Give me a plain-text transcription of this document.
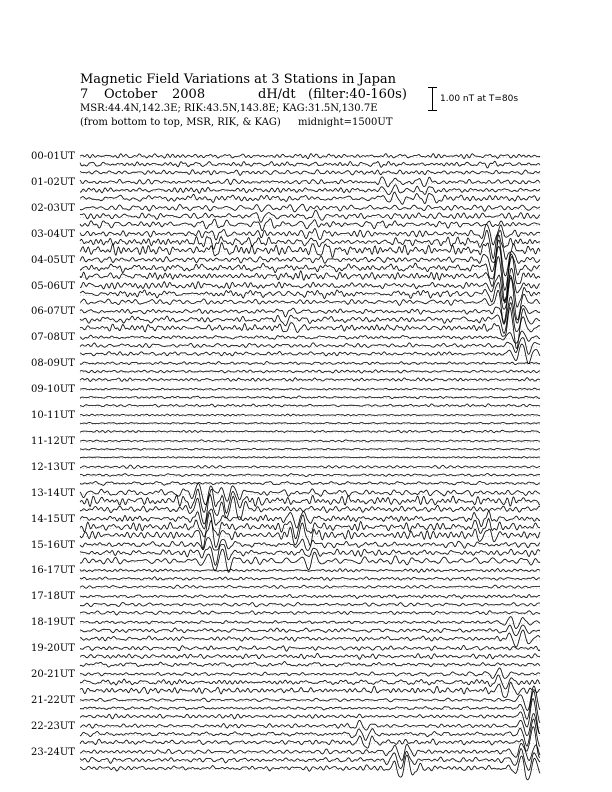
Magnetic Field Variations at 3 Stations in Japan
7 October 2008	dH/dt (filter:40-160s)
MSR:44.4N,142.3E; RIK:43.5N,143.8E; KAG:31.5N,130.7E
(from bottom to top, MSR, RIK, & KAG) midnight=1500UT
1.00 nT at T=80s
00-01UT
01-02UT
02-03UT
03-04UT
04-05UT
05-06UT
06-07UT
07-08UT
08-09UT
09-10UT
10-11UT
11-12UT
12-13UT
13-14UT
14-15UT
15-16UT
16-17UT
17-18UT
18-19UT
19-20UT
20-21UT
21-22UT
22-23UT
23-24UT
